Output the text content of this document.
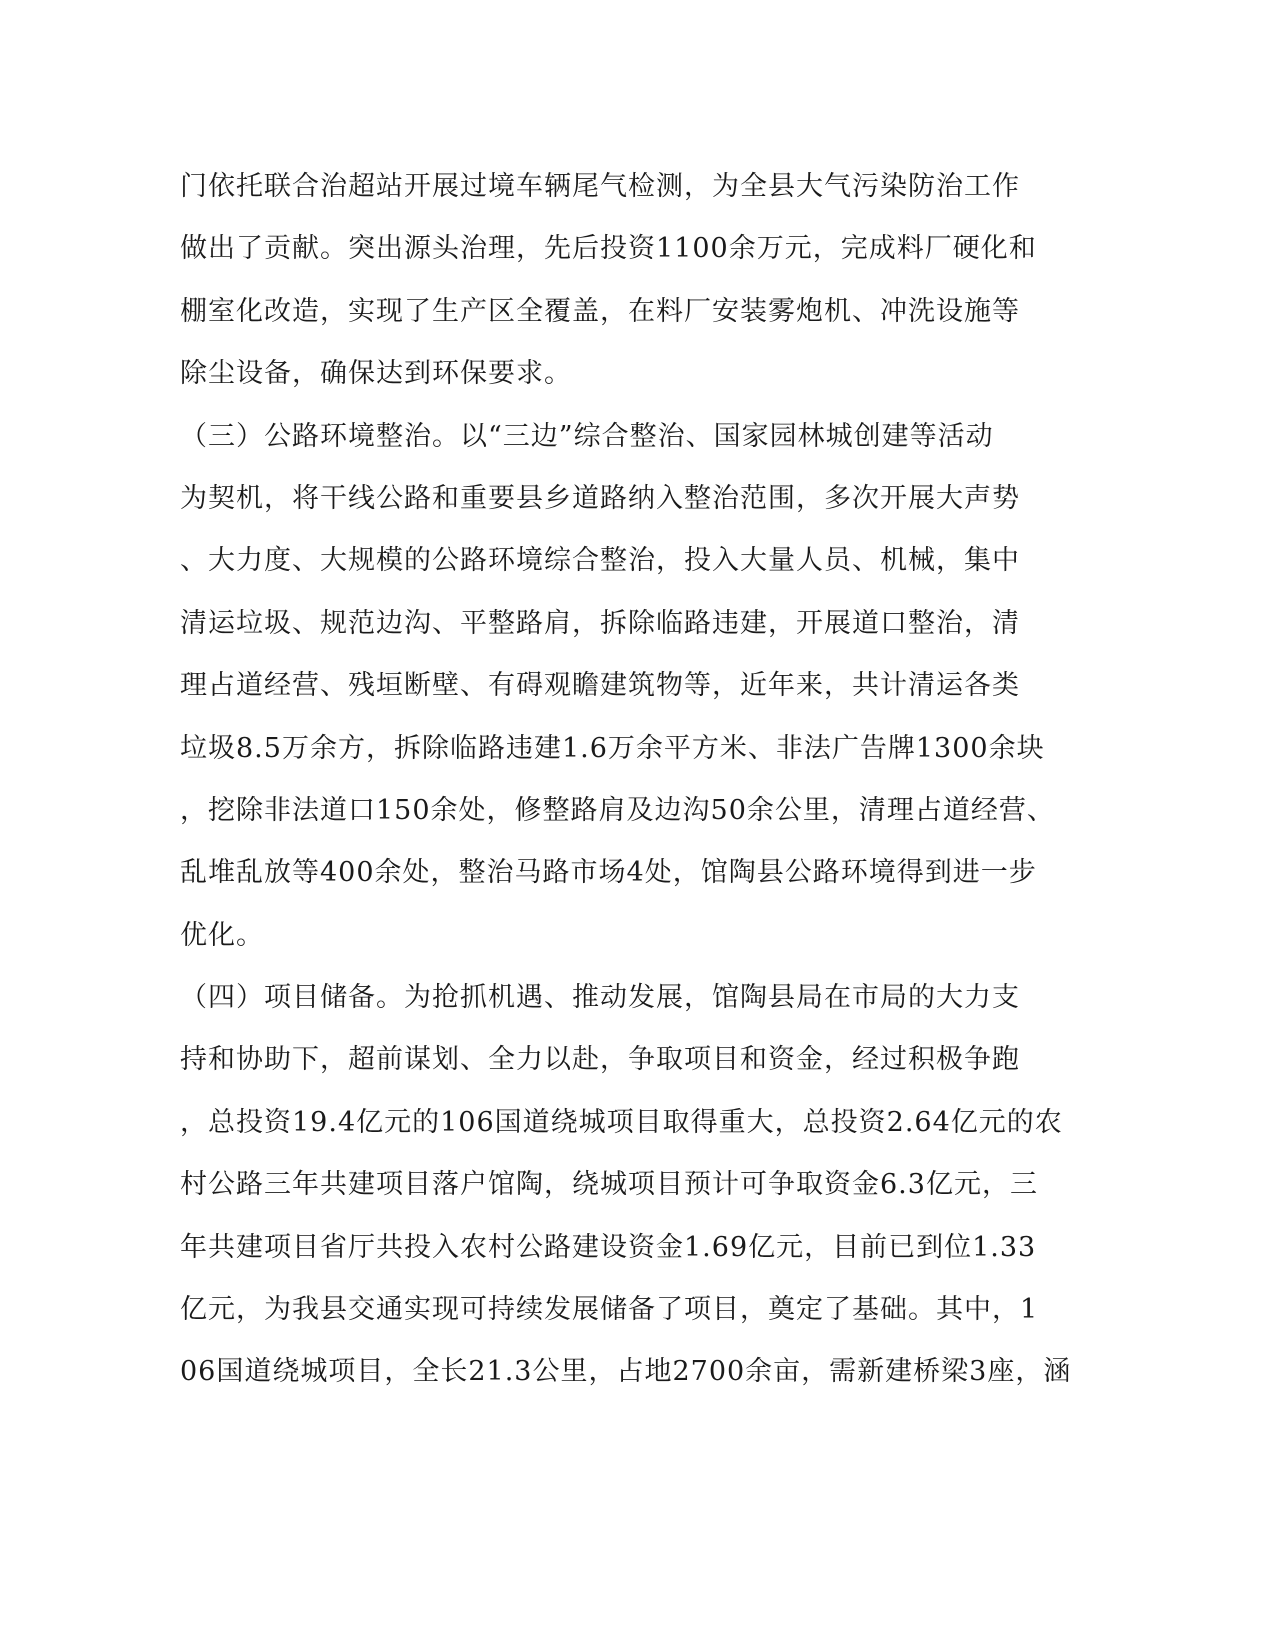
门依托联合治超站开展过境车辆尾气检测，为全县大气污染防治工作
做出了贡献。突出源头治理，先后投资1100余万元，完成料厂硬化和
棚室化改造，实现了生产区全覆盖，在料厂安装雾炮机、冲洗设施等
除尘设备，确保达到环保要求。
（三）公路环境整治。以“三边”综合整治、国家园林城创建等活动
为契机，将干线公路和重要县乡道路纳入整治范围，多次开展大声势
、大力度、大规模的公路环境综合整治，投入大量人员、机械，集中
清运垃圾、规范边沟、平整路肩，拆除临路违建，开展道口整治，清
理占道经营、残垣断壁、有碍观瞻建筑物等，近年来，共计清运各类
垃圾8.5万余方，拆除临路违建1.6万余平方米、非法广告牌1300余块
，挖除非法道口150余处，修整路肩及边沟50余公里，清理占道经营、
乱堆乱放等400余处，整治马路市场4处，馆陶县公路环境得到进一步
优化。
（四）项目储备。为抢抓机遇、推动发展，馆陶县局在市局的大力支
持和协助下，超前谋划、全力以赴，争取项目和资金，经过积极争跑
，总投资19.4亿元的106国道绕城项目取得重大，总投资2.64亿元的农
村公路三年共建项目落户馆陶，绕城项目预计可争取资金6.3亿元，三
年共建项目省厅共投入农村公路建设资金1.69亿元，目前已到位1.33
亿元，为我县交通实现可持续发展储备了项目，奠定了基础。其中，1
06国道绕城项目，全长21.3公里，占地2700余亩，需新建桥梁3座，涵
